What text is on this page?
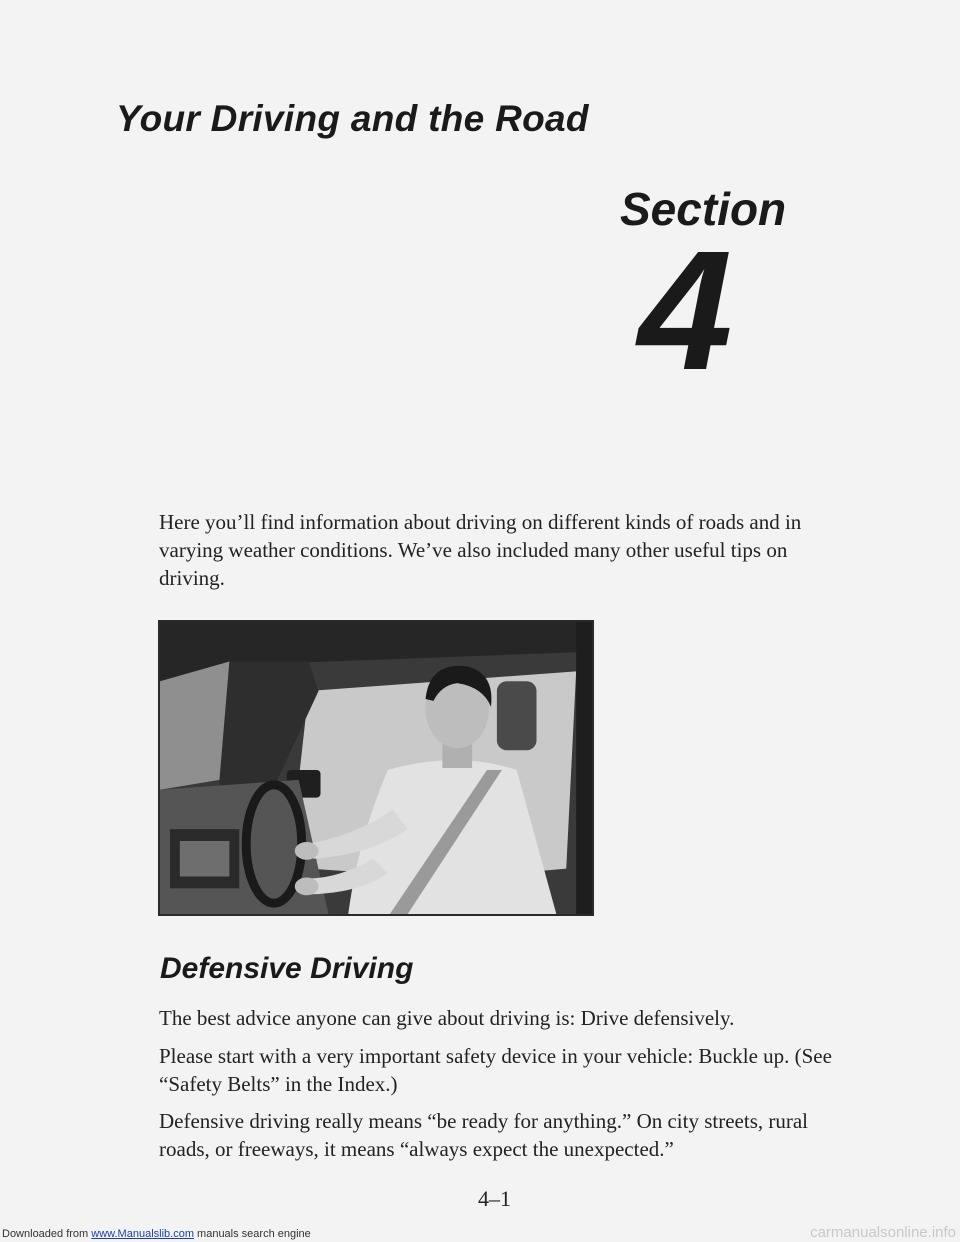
Your Driving and the Road
Section
4

Here you’ll find information about driving on different kinds of roads and in varying weather conditions. We’ve also included many other useful tips on driving.

Defensive Driving

The best advice anyone can give about driving is: Drive defensively.

Please start with a very important safety device in your vehicle: Buckle up. (See “Safety Belts” in the Index.)

Defensive driving really means “be ready for anything.” On city streets, rural roads, or freeways, it means “always expect the unexpected.”

4–1
Downloaded from www.Manualslib.com manuals search engine	carmanualsonline.info
